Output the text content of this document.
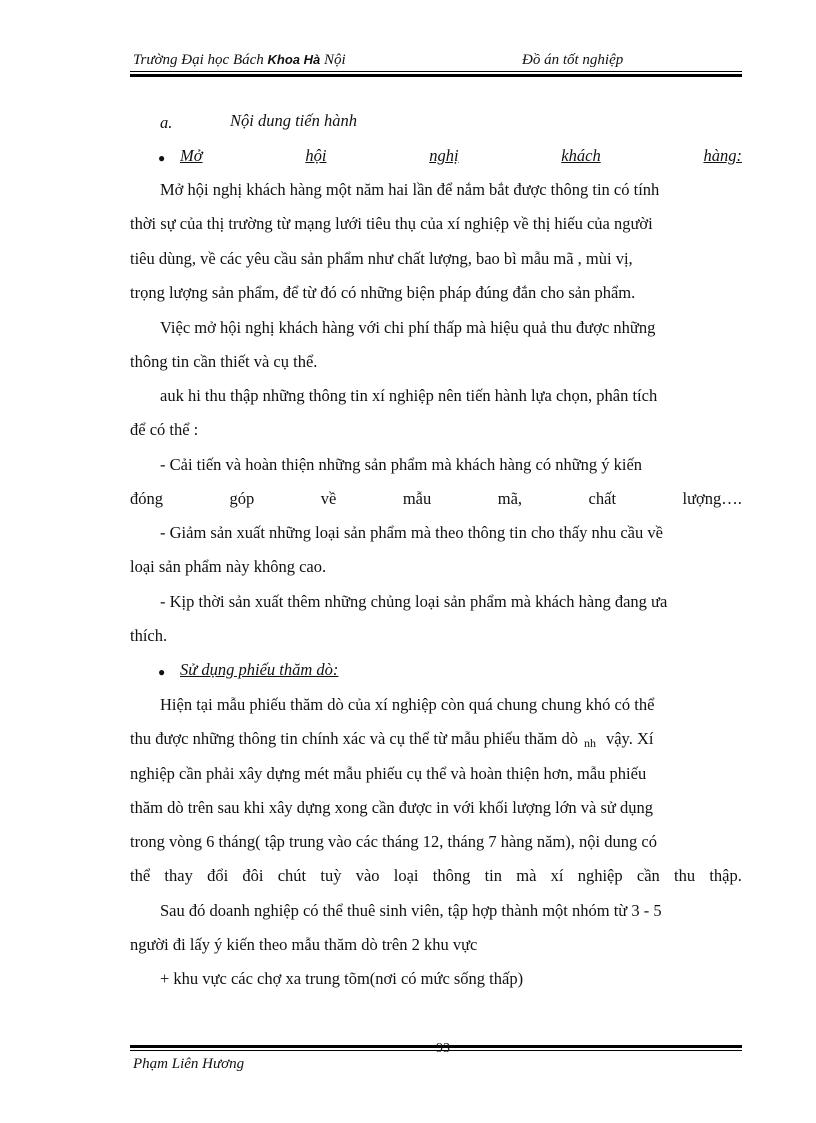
Trường Đại học Bách Khoa Hà Nội	Đồ án tốt nghiệp
a.	Nội dung tiến hành
● Mở	hội	nghị	khách	hàng:
Mở hội nghị khách hàng một năm hai lần để nắm bắt được thông tin có tính
thời sự của thị trường từ mạng lưới tiêu thụ của xí nghiệp về thị hiếu của người
tiêu dùng, về các yêu cầu sản phẩm như chất lượng, bao bì mẫu mã , mùi vị,
trọng lượng sản phẩm, để từ đó có những biện pháp đúng đắn cho sản phẩm.
Việc mở hội nghị khách hàng với chi phí thấp mà hiệu quả thu được những
thông tin cần thiết và cụ thể.
auk hi thu thập những thông tin xí nghiệp nên tiến hành lựa chọn, phân tích
để có thể :
- Cải tiến và hoàn thiện những sản phẩm mà khách hàng có những ý kiến
đóng	góp	về	mẫu	mã,	chất	lượng….
- Giảm sản xuất những loại sản phẩm mà theo thông tin cho thấy nhu cầu về
loại sản phẩm này không cao.
- Kịp thời sản xuất thêm những chủng loại sản phẩm mà khách hàng đang ưa
thích.
● Sử dụng phiếu thăm dò:
Hiện tại mẫu phiếu thăm dò của xí nghiệp còn quá chung chung khó có thể
thu được những thông tin chính xác và cụ thể từ mẫu phiếu thăm dò nh vậy. Xí
nghiệp cần phải xây dựng mét mẫu phiếu cụ thể và hoàn thiện hơn, mẫu phiếu
thăm dò trên sau khi xây dựng xong cần được in với khối lượng lớn và sử dụng
trong vòng 6 tháng( tập trung vào các tháng 12, tháng 7 hàng năm), nội dung có
thể thay đổi đôi chút tuỳ vào loại thông tin mà xí nghiệp cần thu thập.
Sau đó doanh nghiệp có thể thuê sinh viên, tập hợp thành một nhóm từ 3 - 5
người đi lấy ý kiến theo mẫu thăm dò trên 2 khu vực
+ khu vực các chợ xa trung tõm(nơi có mức sống thấp)
93
Phạm Liên Hương
